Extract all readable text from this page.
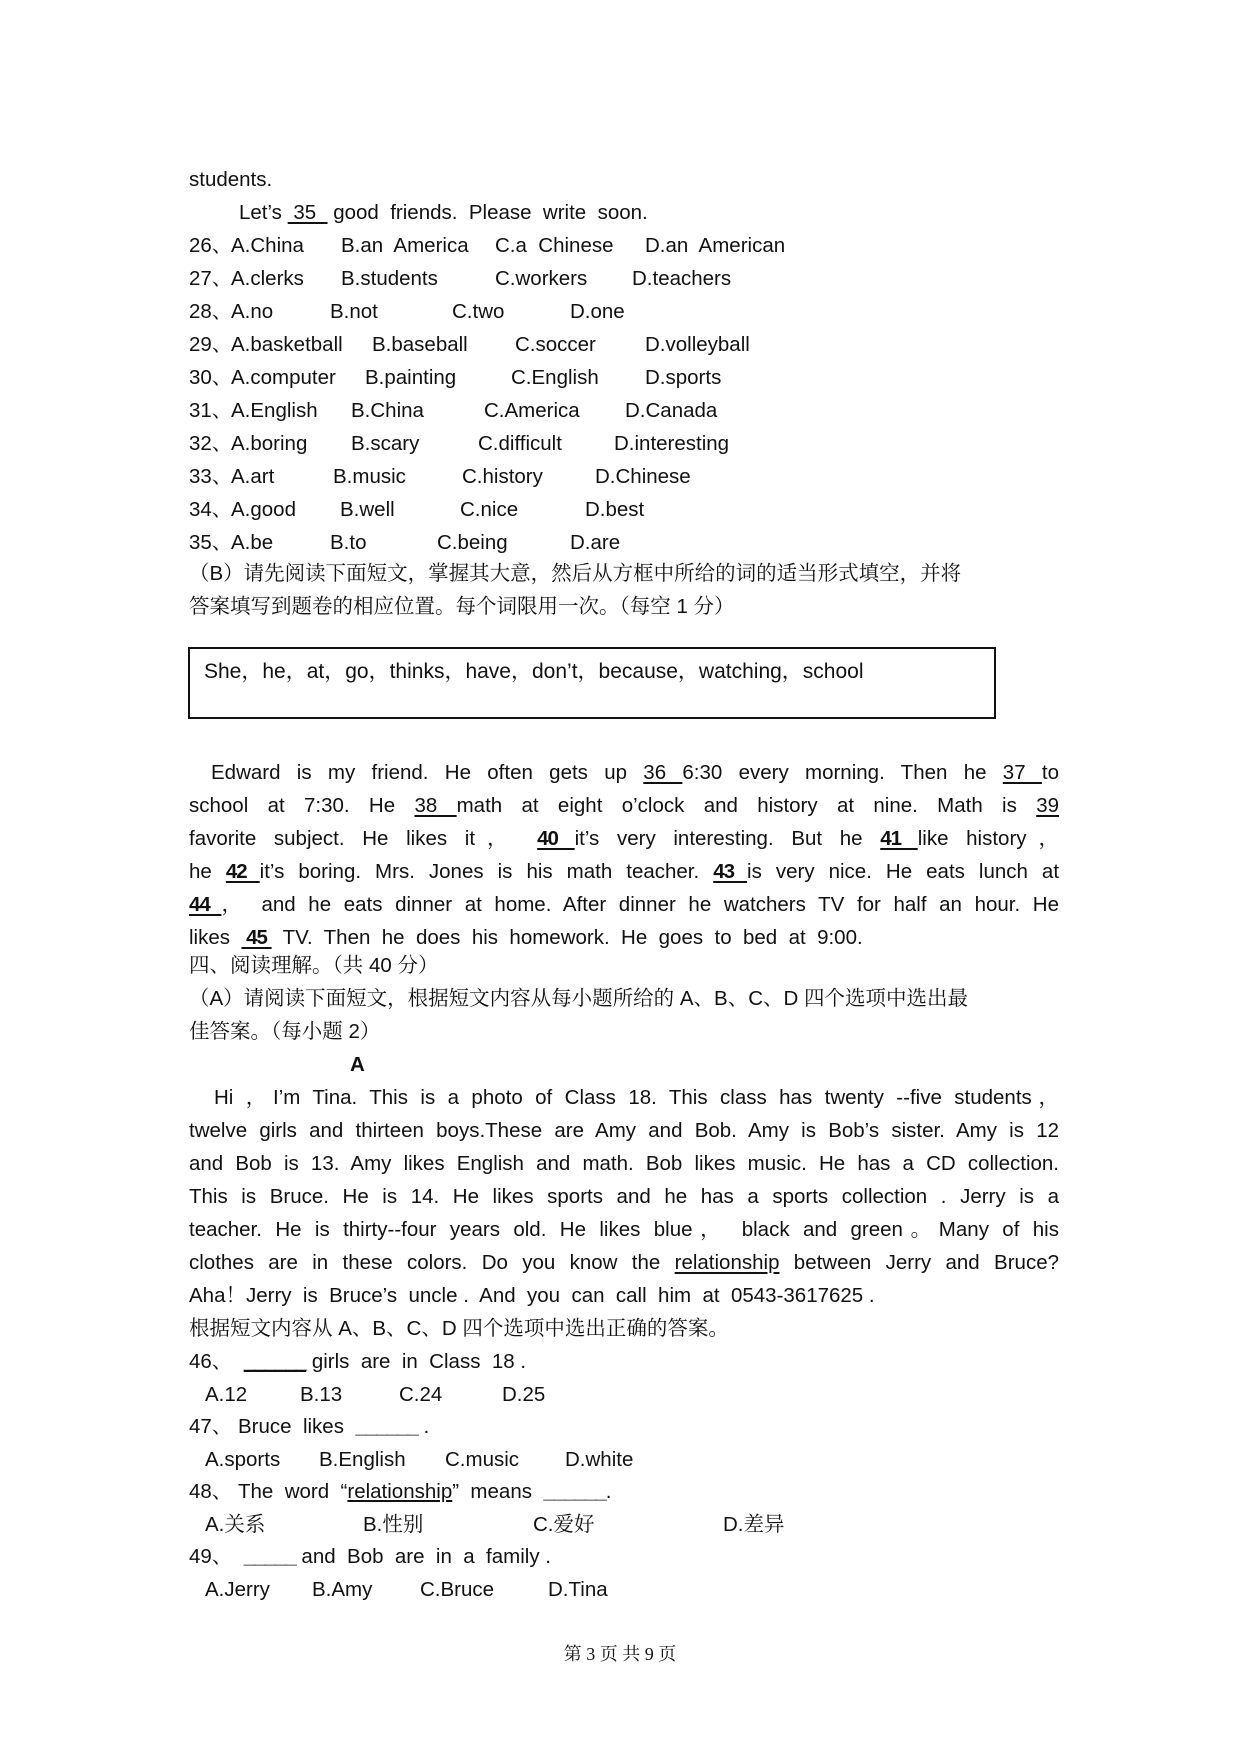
students.
Let’s  35   good  friends.  Please  write  soon.
26、
A.China B.an  America C.a  Chinese D.an  American
27、
A.clerks B.students	C.workers D.teachers
28、
A.no	B.not	C.two	D.one
29、
A.basketball B.baseball C.soccer D.volleyball
30、
A.computer B.painting	C.English D.sports
31、
A.English B.China	C.America D.Canada
32、
A.boring B.scary	C.difficult	D.interesting
33、
A.art	B.music	C.history	D.Chinese
34、
A.good B.well	C.nice	D.best
35、
A.be	B.to	C.being	D.are
（B）请先阅读下面短文，掌握其大意，然后从方框中所给的词的适当形式填空，并将
答案填写到题卷的相应位置。每个词限用一次。（每空 1 分）
She，he，at，go，thinks，have，don’t，because，watching，school
Edward is my friend. He often gets up 36 6:30 every morning. Then he 37 to
school at 7:30. He 38 math at eight o’clock and history at nine. Math is 39
favorite subject. He likes it， 40 it’s very interesting. But he 41 like history，
he 42 it’s boring. Mrs. Jones is his math teacher. 43 is very nice. He eats lunch at
44 ， and he eats dinner at home. After dinner he watchers TV for half an hour. He
likes   45   TV.  Then  he  does  his  homework.  He  goes  to  bed  at  9:00.
四、阅读理解。（共 40 分）
（A）请阅读下面短文，根据短文内容从每小题所给的 A、B、C、D 四个选项中选出最
佳答案。（每小题 2）
A
Hi ，I’m Tina. This is a photo of Class 18. This class has twenty --five students，
twelve girls and thirteen boys.These are Amy and Bob. Amy is Bob’s sister. Amy is 12
and Bob is 13. Amy likes English and math. Bob likes music. He has a CD collection.
This is Bruce. He is 14. He likes sports and he has a sports collection . Jerry is a
teacher. He is thirty--four years old. He likes blue， black and green。Many of his
clothes are in these colors. Do you know the relationship between Jerry and Bruce?
Aha！Jerry  is  Bruce’s  uncle .  And  you  can  call  him  at  0543-3617625 .
根据短文内容从 A、B、C、D 四个选项中选出正确的答案。
46、 ______ girls  are  in  Class  18 .
A.12	B.13	C.24	D.25
47、 Bruce  likes  ______ .
A.sports B.English C.music D.white
48、 The  word  “relationship”  means  ______.
A.关系	B.性别	C.爱好	D.差异
49、 _____ and  Bob  are  in  a  family .
A.Jerry B.Amy C.Bruce	D.Tina
第 3 页 共 9 页
